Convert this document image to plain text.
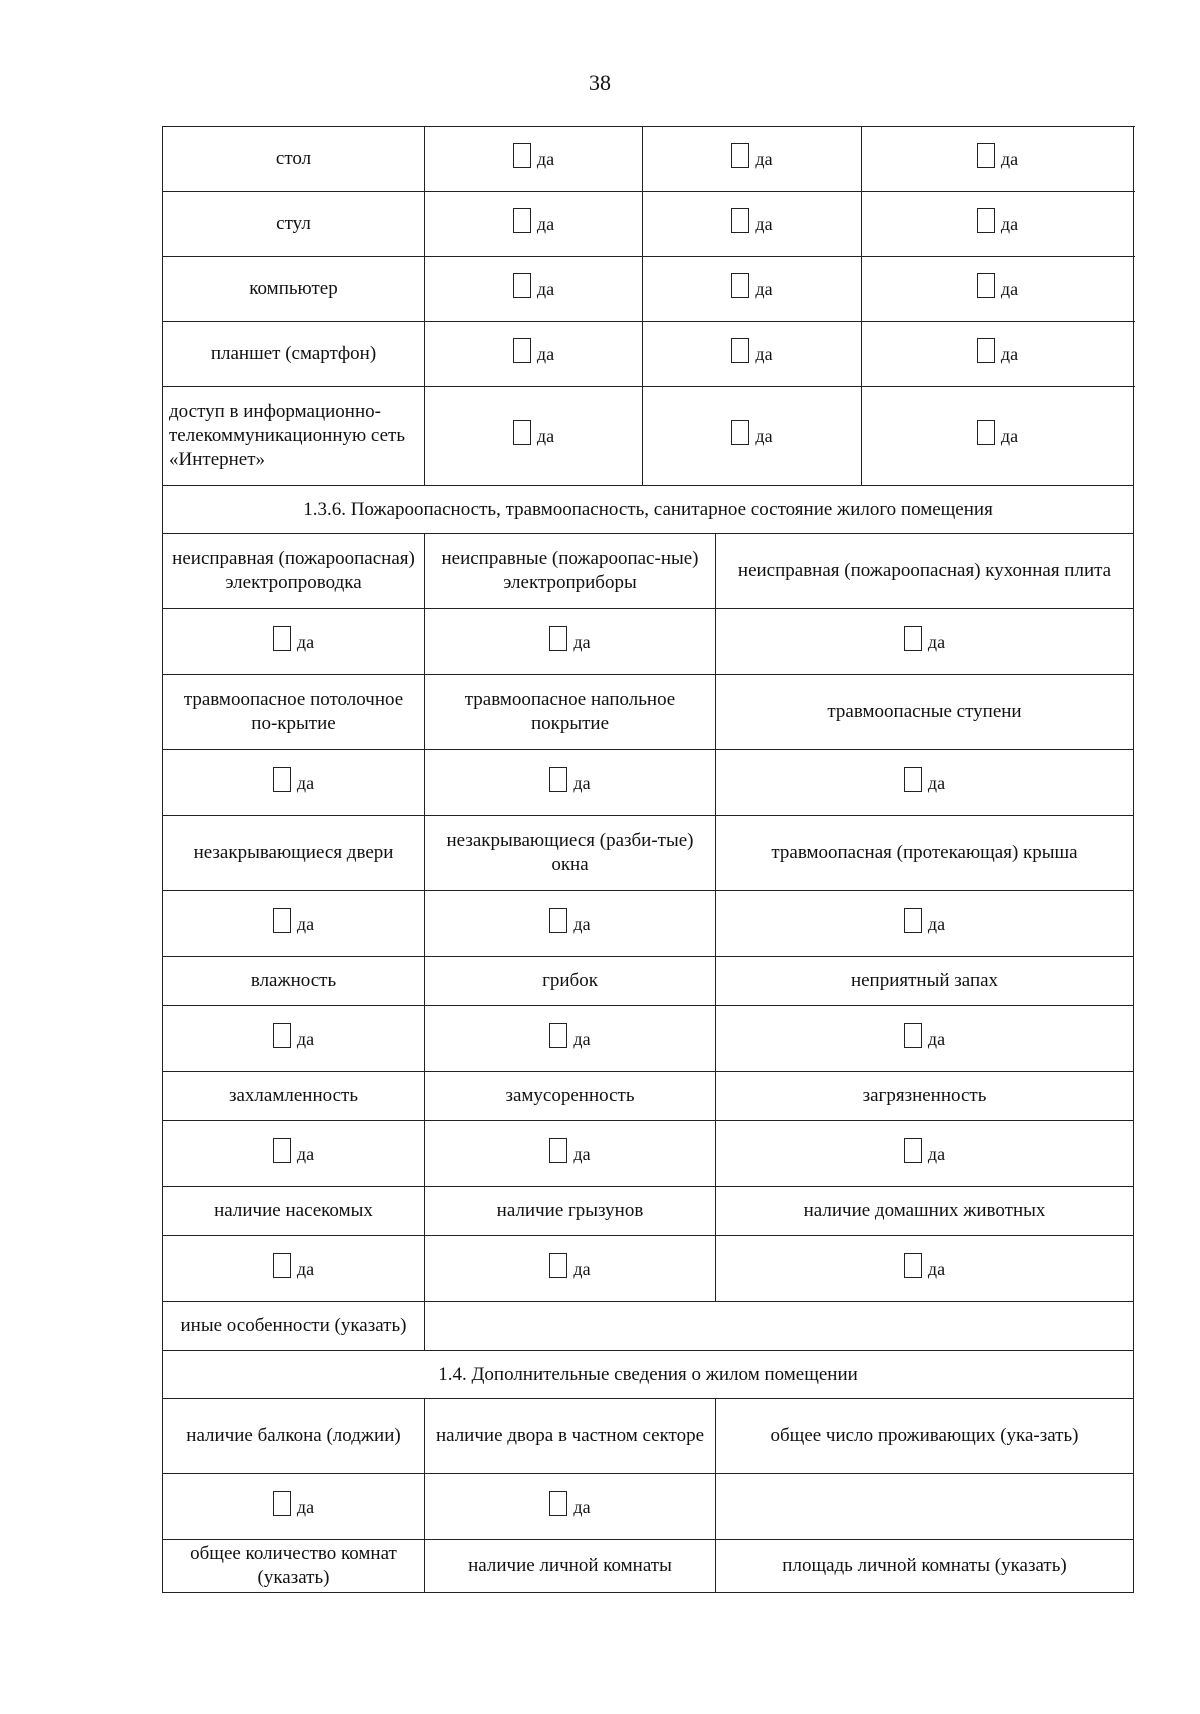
38
стол	да	да		да

стул	да	да		да

компьютер	да	да		да

планшет (смартфон)	да	да		да

доступ в информационно-телекоммуникационную сеть «Интернет»	да	да		да

1.3.6. Пожароопасность, травмоопасность, санитарное состояние жилого помещения				
неисправная (пожароопасная) электропроводка	неисправные (пожароопас-ные) электроприборы		неисправная (пожароопасная) кухонная плита	

да	да		да	

травмоопасное потолочное по-крытие	травмоопасное напольное покрытие		травмоопасные ступени	

да	да		да	

незакрывающиеся двери	незакрывающиеся (разби-тые) окна		травмоопасная (протекающая) крыша	

да	да		да	

влажность	грибок		неприятный запах	

да	да		да	

захламленность	замусоренность		загрязненность	

да	да		да	

наличие насекомых	наличие грызунов		наличие домашних животных	

да	да		да	

иные особенности (указать)				
1.4. Дополнительные сведения о жилом помещении				
наличие балкона (лоджии)	наличие двора в частном секторе		общее число проживающих (ука-зать)	

да	да			

общее количество комнат (указать)	наличие личной комнаты		площадь личной комнаты (указать)	
